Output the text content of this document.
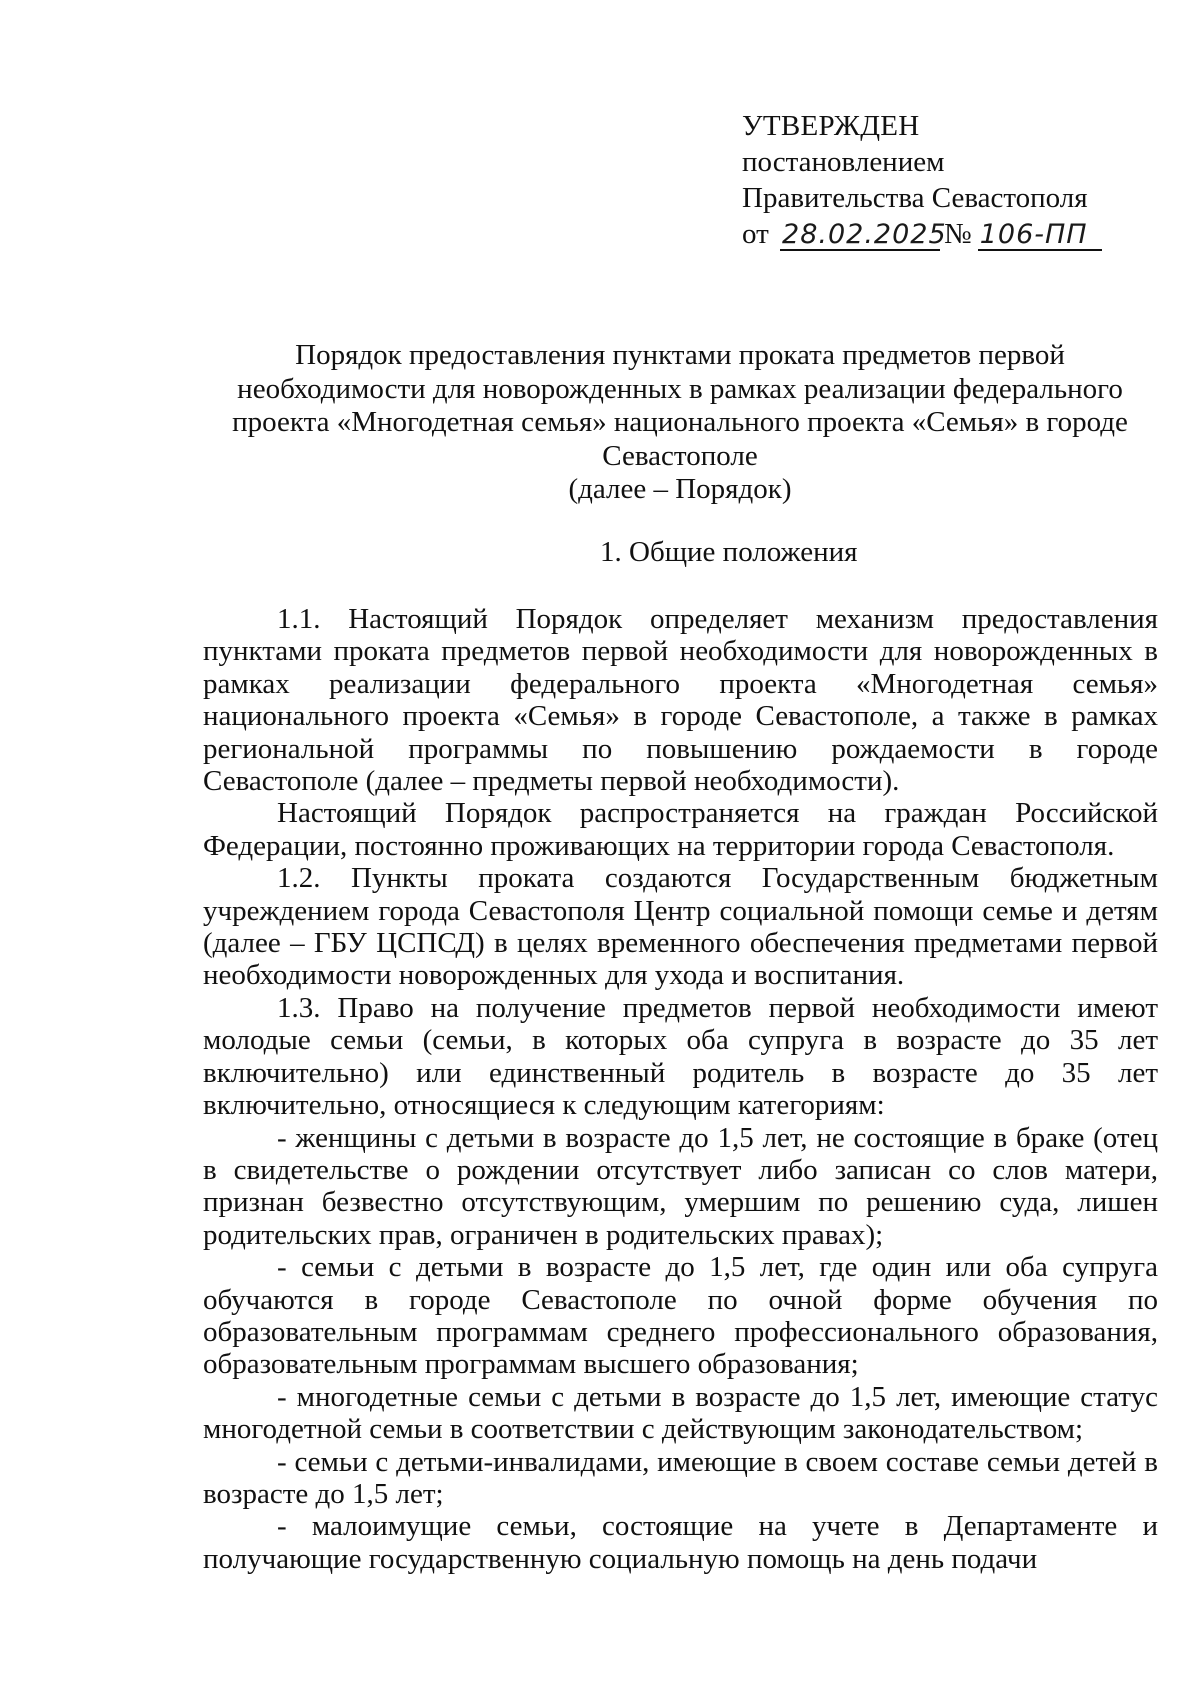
УТВЕРЖДЕН
постановлением
Правительства Севастополя
от 28.02.2025№ 106-ПП
Порядок предоставления пунктами проката предметов первой
необходимости для новорожденных в рамках реализации федерального
проекта «Многодетная семья» национального проекта «Семья» в городе
Севастополе
(далее – Порядок)
1. Общие положения

1.1. Настоящий Порядок определяет механизм предоставления пунктами проката предметов первой необходимости для новорожденных в рамках реализации федерального проекта «Многодетная семья» национального проекта «Семья» в городе Севастополе, а также в рамках региональной программы по повышению рождаемости в городе Севастополе (далее – предметы первой необходимости).

Настоящий Порядок распространяется на граждан Российской Федерации, постоянно проживающих на территории города Севастополя.

1.2. Пункты проката создаются Государственным бюджетным учреждением города Севастополя Центр социальной помощи семье и детям (далее – ГБУ ЦСПСД) в целях временного обеспечения предметами первой необходимости новорожденных для ухода и воспитания.

1.3. Право на получение предметов первой необходимости имеют молодые семьи (семьи, в которых оба супруга в возрасте до 35 лет включительно) или единственный родитель в возрасте до 35 лет включительно, относящиеся к следующим категориям:

- женщины с детьми в возрасте до 1,5 лет, не состоящие в браке (отец в свидетельстве о рождении отсутствует либо записан со слов матери, признан безвестно отсутствующим, умершим по решению суда, лишен родительских прав, ограничен в родительских правах);

- семьи с детьми в возрасте до 1,5 лет, где один или оба супруга обучаются в городе Севастополе по очной форме обучения по образовательным программам среднего профессионального образования, образовательным программам высшего образования;

- многодетные семьи с детьми в возрасте до 1,5 лет, имеющие статус многодетной семьи в соответствии с действующим законодательством;

- семьи с детьми-инвалидами, имеющие в своем составе семьи детей в возрасте до 1,5 лет;

- малоимущие семьи, состоящие на учете в Департаменте и получающие государственную социальную помощь на день подачи
